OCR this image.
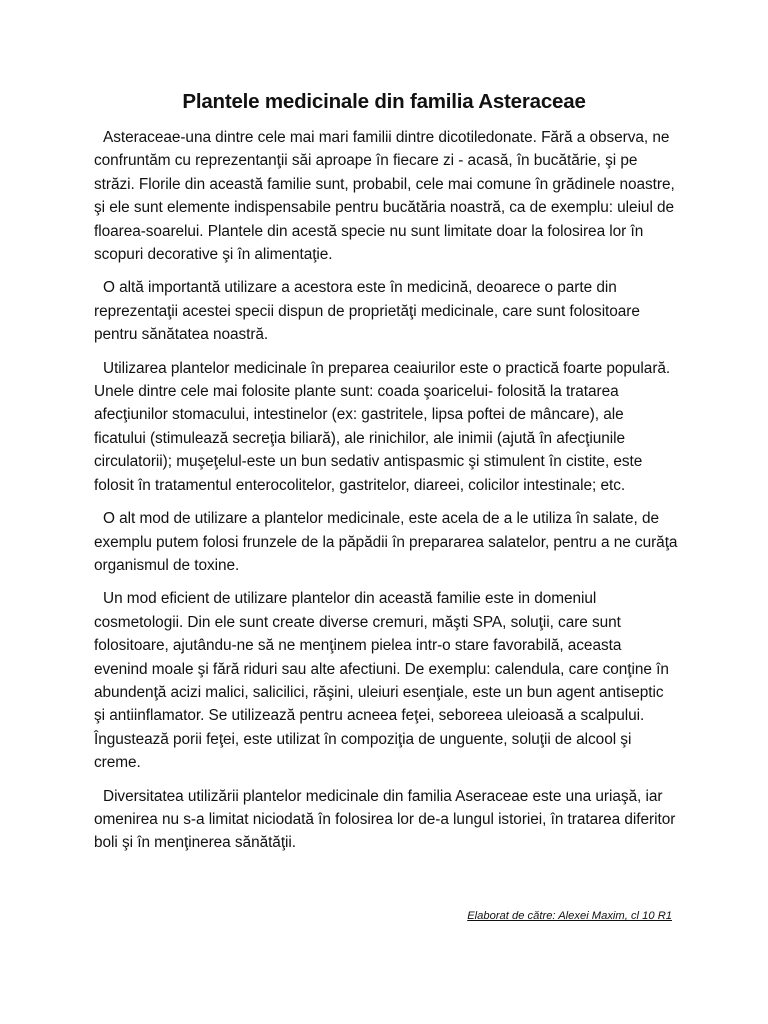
Plantele medicinale din familia Asteraceae

Asteraceae-una dintre cele mai mari familii dintre dicotiledonate. Fără a observa, ne confruntăm cu reprezentanţii săi aproape în fiecare zi - acasă, în bucătărie, şi pe străzi. Florile din această familie sunt, probabil, cele mai comune în grădinele noastre, şi ele sunt elemente indispensabile pentru bucătăria noastră, ca de exemplu: uleiul de floarea-soarelui. Plantele din acestă specie nu sunt limitate doar la folosirea lor în scopuri decorative şi în alimentaţie.

O altă importantă utilizare a acestora este în medicină, deoarece o parte din reprezentaţii acestei specii dispun de proprietăţi medicinale, care sunt folositoare pentru sănătatea noastră.

Utilizarea plantelor medicinale în preparea ceaiurilor este o practică foarte populară. Unele dintre cele mai folosite plante sunt: coada şoaricelui- folosită la tratarea afecţiunilor stomacului, intestinelor (ex: gastritele, lipsa poftei de mâncare), ale ficatului (stimulează secreţia biliară), ale rinichilor, ale inimii (ajută în afecţiunile circulatorii); muşeţelul-este un bun sedativ antispasmic şi stimulent în cistite, este folosit în tratamentul enterocolitelor, gastritelor, diareei, colicilor intestinale; etc.

O alt mod de utilizare a plantelor medicinale, este acela de a le utiliza în salate, de exemplu putem folosi frunzele de la păpădii în prepararea salatelor, pentru a ne curăţa organismul de toxine.

Un mod eficient de utilizare plantelor din această familie este in domeniul cosmetologii. Din ele sunt create diverse cremuri, măşti SPA, soluţii, care sunt folositoare, ajutându-ne să ne menţinem pielea intr-o stare favorabilă, aceasta evenind moale şi fără riduri sau alte afectiuni. De exemplu: calendula, care conţine în abundenţă acizi malici, salicilici, răşini, uleiuri esenţiale, este un bun agent antiseptic şi antiinflamator. Se utilizează pentru acneea feţei, seboreea uleioasă a scalpului. Îngustează porii feţei, este utilizat în compoziţia de unguente, soluţii de alcool şi creme.

Diversitatea utilizării plantelor medicinale din familia Aseraceae este una uriaşă, iar omenirea nu s-a limitat niciodată în folosirea lor de-a lungul istoriei, în tratarea diferitor boli şi în menţinerea sănătăţii.

Elaborat de către: Alexei Maxim, cl 10 R1
